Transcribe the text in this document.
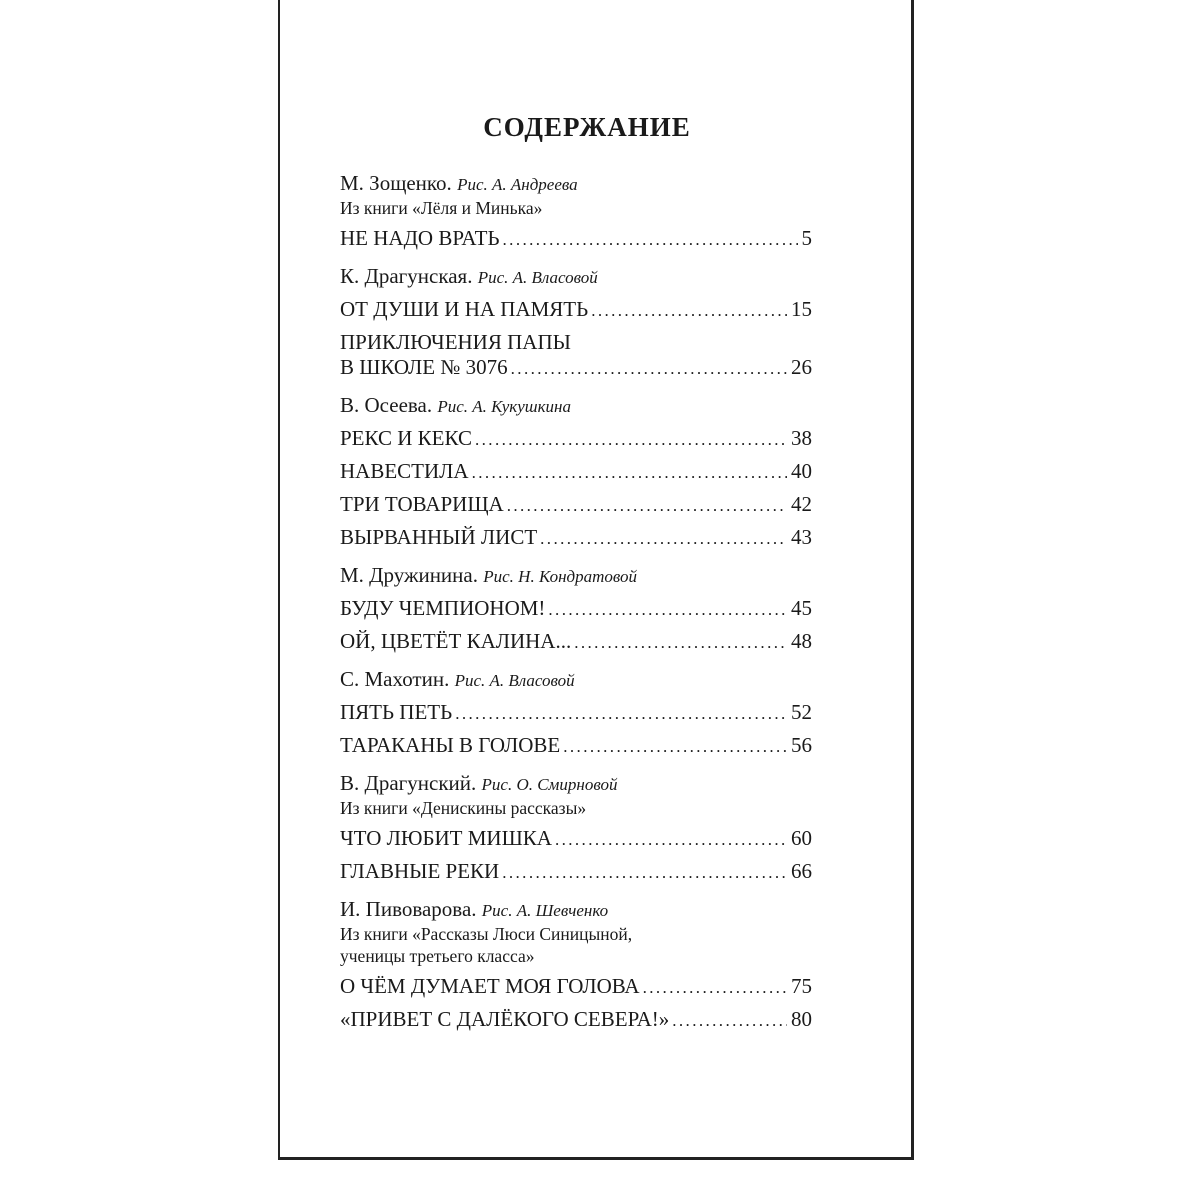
СОДЕРЖАНИЕ
М. Зощенко. Рис. А. Андреева
Из книги «Лёля и Минька»
НЕ НАДО ВРАТЬ .....	5
К. Драгунская. Рис. А. Власовой
ОТ ДУШИ И НА ПАМЯТЬ .....	15
ПРИКЛЮЧЕНИЯ ПАПЫ
В ШКОЛЕ № 3076 .....	26
В. Осеева. Рис. А. Кукушкина
РЕКС И КЕКС .....	38
НАВЕСТИЛА .....	40
ТРИ ТОВАРИЩА .....	42
ВЫРВАННЫЙ ЛИСТ .....	43
М. Дружинина. Рис. Н. Кондратовой
БУДУ ЧЕМПИОНОМ! .....	45
ОЙ, ЦВЕТЁТ КАЛИНА... .....	48
С. Махотин. Рис. А. Власовой
ПЯТЬ ПЕТЬ .....	52
ТАРАКАНЫ В ГОЛОВЕ .....	56
В. Драгунский. Рис. О. Смирновой
Из книги «Денискины рассказы»
ЧТО ЛЮБИТ МИШКА .....	60
ГЛАВНЫЕ РЕКИ .....	66
И. Пивоварова. Рис. А. Шевченко
Из книги «Рассказы Люси Синицыной,
ученицы третьего класса»
О ЧЁМ ДУМАЕТ МОЯ ГОЛОВА .....	75
«ПРИВЕТ С ДАЛЁКОГО СЕВЕРА!» .....	80
